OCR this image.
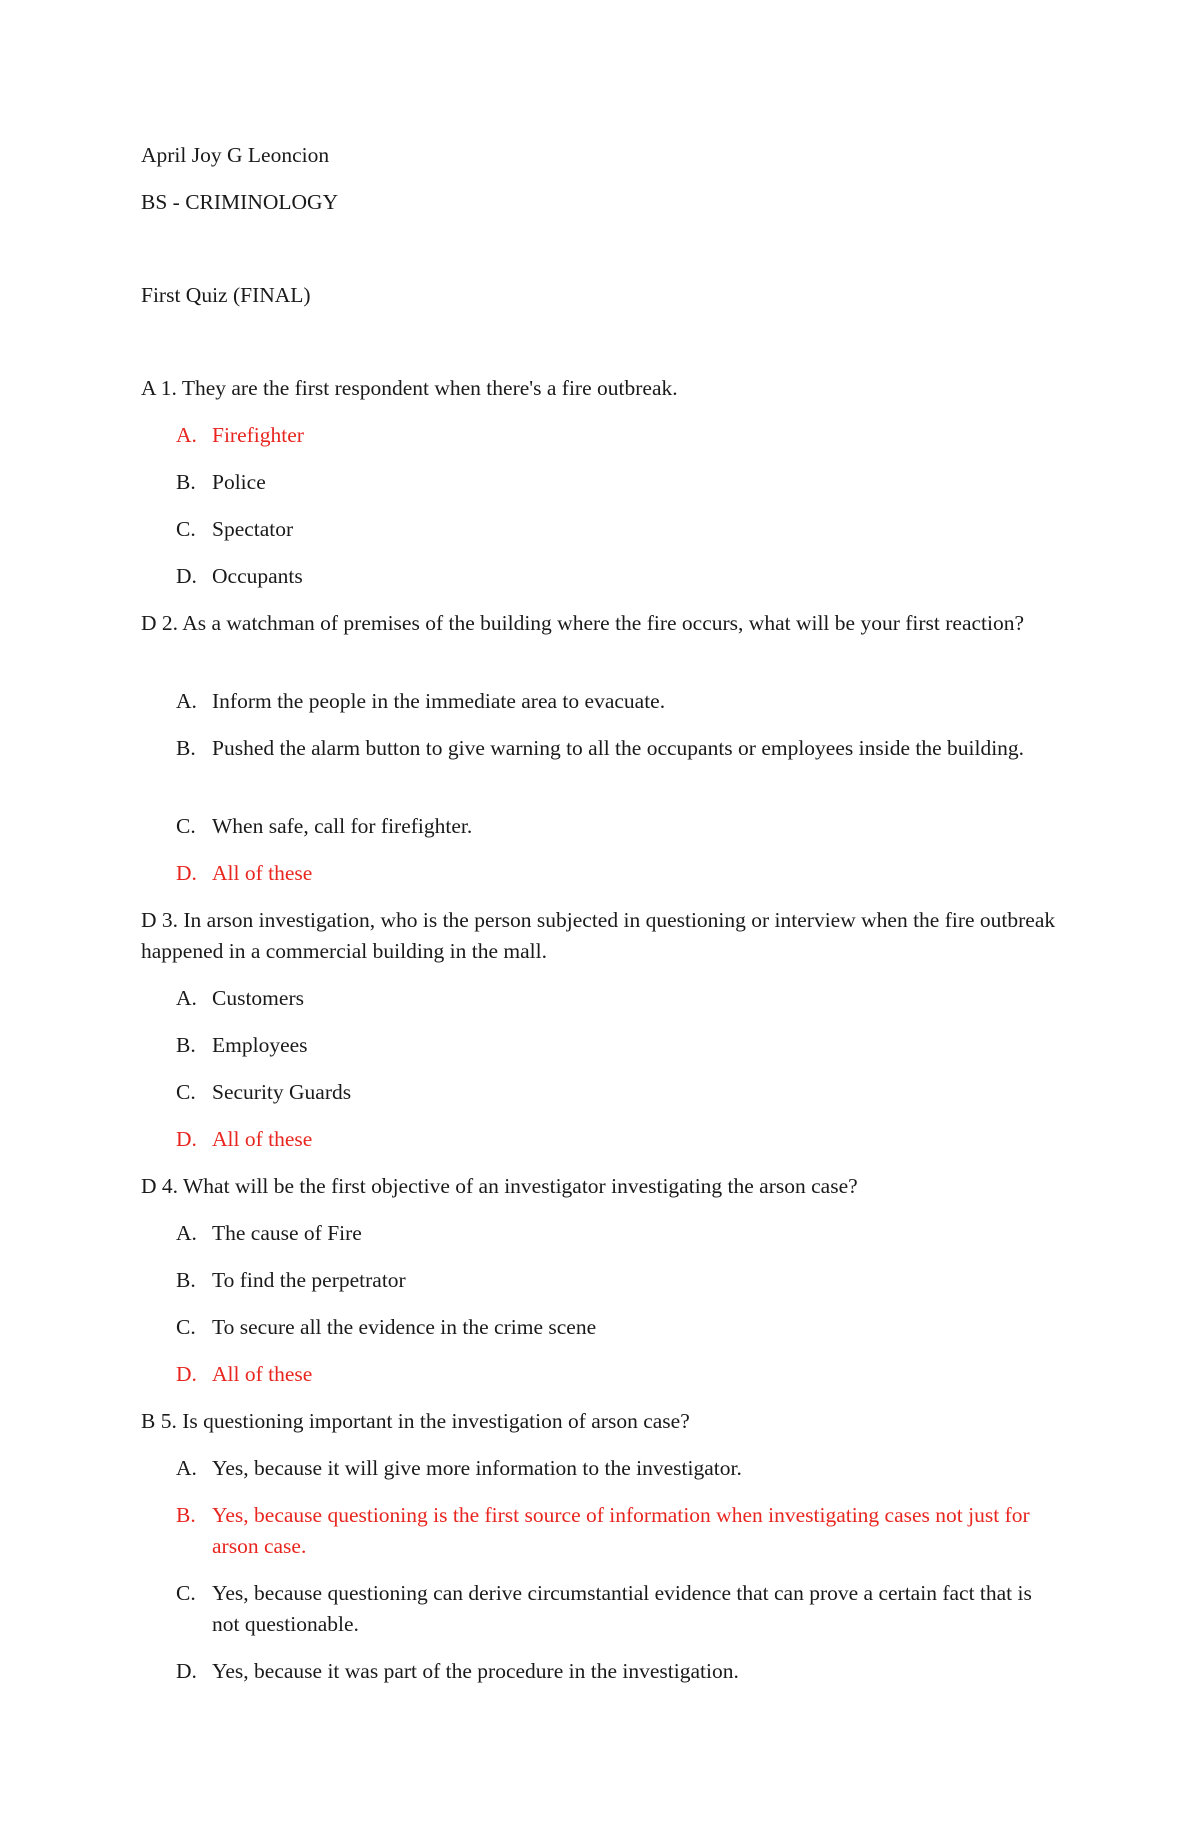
April Joy G Leoncion
BS - CRIMINOLOGY
First Quiz (FINAL)
A 1. They are the first respondent when there's a fire outbreak.
A. Firefighter
B. Police
C. Spectator
D. Occupants
D 2. As a watchman of premises of the building where the fire occurs, what will be your first reaction?
A. Inform the people in the immediate area to evacuate.
B. Pushed the alarm button to give warning to all the occupants or employees inside the building.
C. When safe, call for firefighter.
D. All of these
D 3. In arson investigation, who is the person subjected in questioning or interview when the fire outbreak happened in a commercial building in the mall.
A. Customers
B. Employees
C. Security Guards
D. All of these
D 4. What will be the first objective of an investigator investigating the arson case?
A. The cause of Fire
B. To find the perpetrator
C. To secure all the evidence in the crime scene
D. All of these
B 5. Is questioning important in the investigation of arson case?
A. Yes, because it will give more information to the investigator.
B. Yes, because questioning is the first source of information when investigating cases not just for arson case.
C. Yes, because questioning can derive circumstantial evidence that can prove a certain fact that is not questionable.
D. Yes, because it was part of the procedure in the investigation.
